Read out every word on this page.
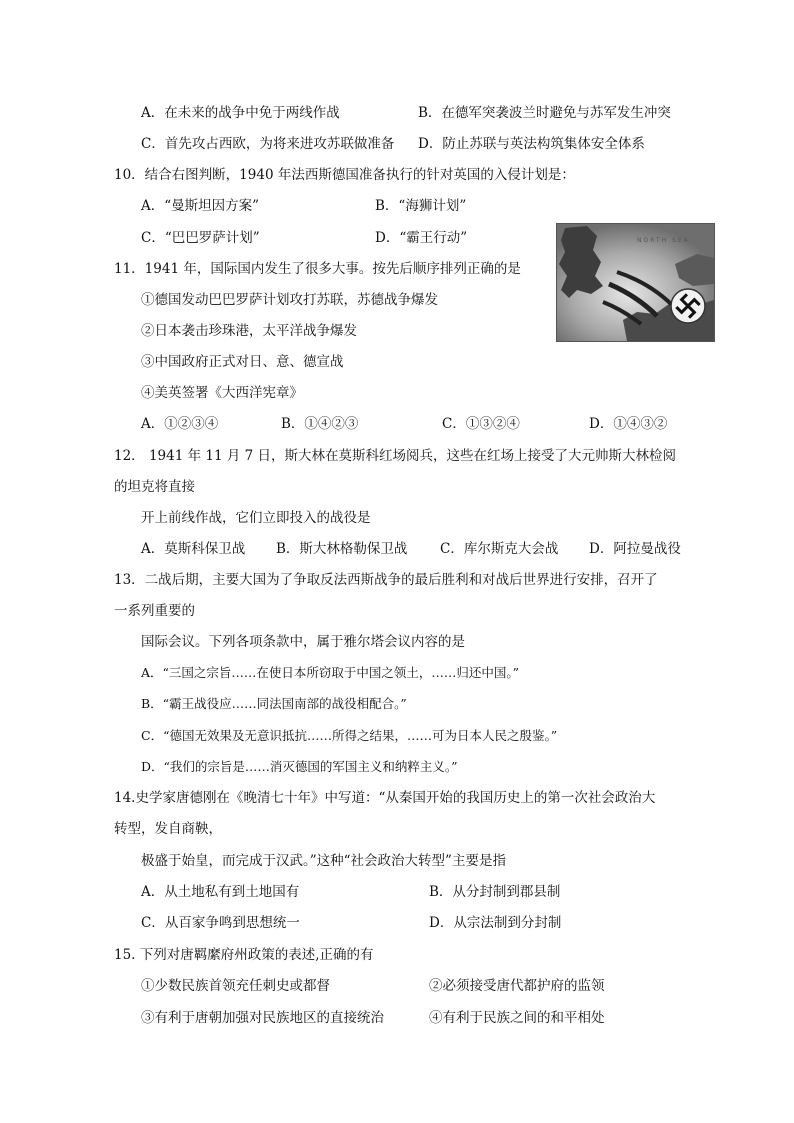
A．在未来的战争中免于两线作战	B．在德军突袭波兰时避免与苏军发生冲突
C．首先攻占西欧，为将来进攻苏联做准备 D．防止苏联与英法构筑集体安全体系
10．结合右图判断，1940 年法西斯德国准备执行的针对英国的入侵计划是：
A．“曼斯坦因方案”	B．“海狮计划”
C．“巴巴罗萨计划”	D．“霸王行动”	NORTH SEA
11．1941 年，国际国内发生了很多大事。按先后顺序排列正确的是
①德国发动巴巴罗萨计划攻打苏联，苏德战争爆发
②日本袭击珍珠港，太平洋战争爆发
③中国政府正式对日、意、德宣战
④美英签署《大西洋宪章》
A．①②③④	B．①④②③	C．①③②④	D．①④③②
12． 1941 年 11 月 7 日，斯大林在莫斯科红场阅兵，这些在红场上接受了大元帅斯大林检阅
的坦克将直接
开上前线作战，它们立即投入的战役是
A．莫斯科保卫战 B．斯大林格勒保卫战 C．库尔斯克大会战 D．阿拉曼战役
13．二战后期，主要大国为了争取反法西斯战争的最后胜利和对战后世界进行安排，召开了
一系列重要的
国际会议。下列各项条款中，属于雅尔塔会议内容的是
A．“三国之宗旨……在使日本所窃取于中国之领土，……归还中国。”
B．“霸王战役应……同法国南部的战役相配合。”
C．“德国无效果及无意识抵抗……所得之结果，……可为日本人民之殷鉴。”
D．“我们的宗旨是……消灭德国的军国主义和纳粹主义。”
14.史学家唐德刚在《晚清七十年》中写道：“从秦国开始的我国历史上的第一次社会政治大
转型，发自商鞅，
极盛于始皇，而完成于汉武。”这种“社会政治大转型”主要是指
A．从土地私有到土地国有	B．从分封制到郡县制
C．从百家争鸣到思想统一	D．从宗法制到分封制
15. 下列对唐羁縻府州政策的表述,正确的有
①少数民族首领充任刺史或都督	②必须接受唐代都护府的监领
③有利于唐朝加强对民族地区的直接统治	④有利于民族之间的和平相处
